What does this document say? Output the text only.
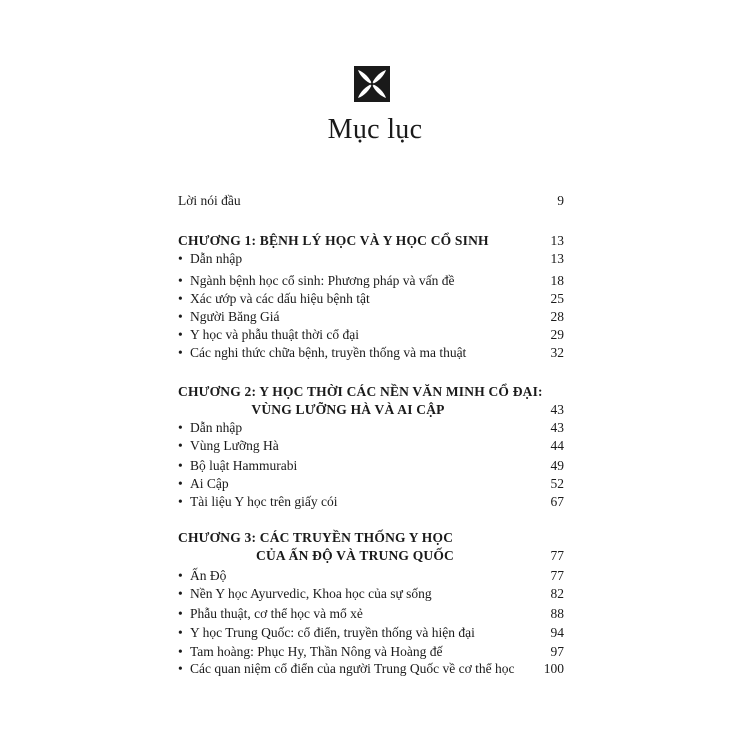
Mục lục
Lời nói đầu	9
CHƯƠNG 1: BỆNH LÝ HỌC VÀ Y HỌC CỔ SINH	13
• Dẫn nhập	13
• Ngành bệnh học cổ sinh: Phương pháp và vấn đề	18
• Xác ướp và các dấu hiệu bệnh tật	25
• Người Băng Giá	28
• Y học và phẫu thuật thời cổ đại	29
• Các nghi thức chữa bệnh, truyền thống và ma thuật	32
CHƯƠNG 2: Y HỌC THỜI CÁC NỀN VĂN MINH CỔ ĐẠI:
VÙNG LƯỠNG HÀ VÀ AI CẬP	43
• Dẫn nhập	43
• Vùng Lưỡng Hà	44
• Bộ luật Hammurabi	49
• Ai Cập	52
• Tài liệu Y học trên giấy cói	67
CHƯƠNG 3: CÁC TRUYỀN THỐNG Y HỌC
CỦA ẤN ĐỘ VÀ TRUNG QUỐC	77
• Ấn Độ	77
• Nền Y học Ayurvedic, Khoa học của sự sống	82
• Phẫu thuật, cơ thể học và mổ xẻ	88
• Y học Trung Quốc: cổ điển, truyền thống và hiện đại	94
• Tam hoàng: Phục Hy, Thần Nông và Hoàng đế	97
• Các quan niệm cổ điển của người Trung Quốc về cơ thể học 100
